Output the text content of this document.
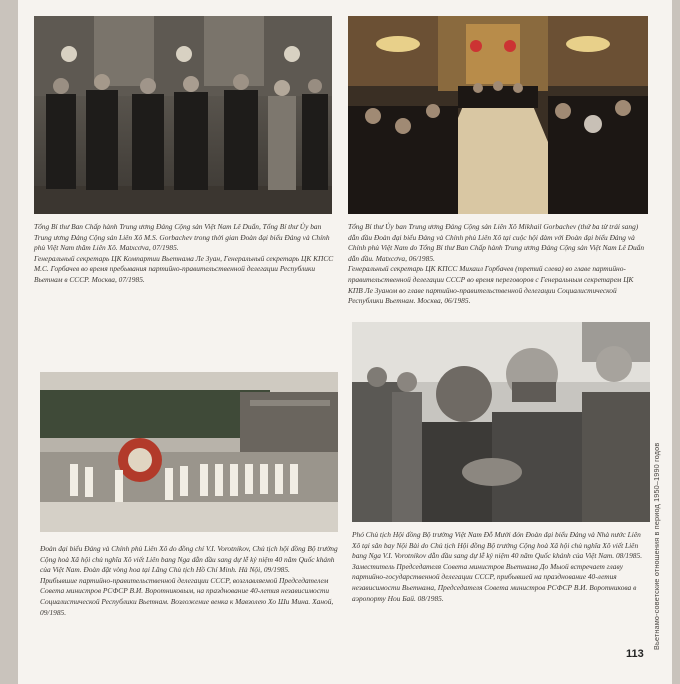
Tổng Bí thư Ban Chấp hành Trung ương Đảng Cộng sản Việt Nam Lê Duẩn, Tổng Bí thư Ủy ban Trung ương Đảng Cộng sản Liên Xô M.S. Gorbachev trong thời gian Đoàn đại biểu Đảng và Chính phủ Việt Nam thăm Liên Xô. Matxcơva, 07/1985.

Генеральный секретарь ЦК Компартии Вьетнама Ле Зуан, Генеральный секретарь ЦК КПСС М.С. Горбачев во время пребывания партийно-правительственной делегации Республики Вьетнам в СССР. Москва, 07/1985.

Tổng Bí thư Ủy ban Trung ương Đảng Cộng sản Liên Xô Mikhail Gorbachev (thứ ba từ trái sang) dẫn đầu Đoàn đại biểu Đảng và Chính phủ Liên Xô tại cuộc hội đàm với Đoàn đại biểu Đảng và Chính phủ Việt Nam do Tổng Bí thư Ban Chấp hành Trung ương Đảng Cộng sản Việt Nam Lê Duẩn dẫn đầu. Matxcơva, 06/1985.

Генеральный секретарь ЦК КПСС Михаил Горбачев (третий слева) во главе партийно-правительственной делегации СССР во время переговоров с Генеральным секретарем ЦК КПВ Ле Зуаном во главе партийно-правительственной делегации Социалистической Республики Вьетнам. Москва, 06/1985.

Đoàn đại biểu Đảng và Chính phủ Liên Xô do đồng chí V.I. Vorotnikov, Chủ tịch hội đồng Bộ trưởng Cộng hoà Xã hội chủ nghĩa Xô viết Liên bang Nga dẫn đầu sang dự lễ kỷ niệm 40 năm Quốc khánh của Việt Nam. Đoàn đặt vòng hoa tại Lăng Chủ tịch Hồ Chí Minh. Hà Nội, 09/1985.

Прибывшие партийно-правительственной делегации СССР, возглавляемой Председателем Совета министров РСФСР В.И. Воротниковым, на празднование 40-летия независимости Социалистической Республики Вьетнам. Возложение венка к Мавзолею Хо Ши Мина. Ханой, 09/1985.

Phó Chủ tịch Hội đồng Bộ trưởng Việt Nam Đỗ Mười đón Đoàn đại biểu Đảng và Nhà nước Liên Xô tại sân bay Nội Bài do Chủ tịch Hội đồng Bộ trưởng Cộng hoà Xã hội chủ nghĩa Xô viết Liên bang Nga V.I. Vorotnikov dẫn đầu sang dự lễ kỷ niệm 40 năm Quốc khánh của Việt Nam. 08/1985.

Заместитель Председателя Совета министров Вьетнама До Мыой встречает главу партийно-государственной делегации СССР, прибывшей на празднование 40-летия независимости Вьетнама, Председателя Совета министров РСФСР В.И. Воротникова в аэропорту Нои Бай. 08/1985.	Вьетнамо-советские отношения в период 1950–1990 годов
113
